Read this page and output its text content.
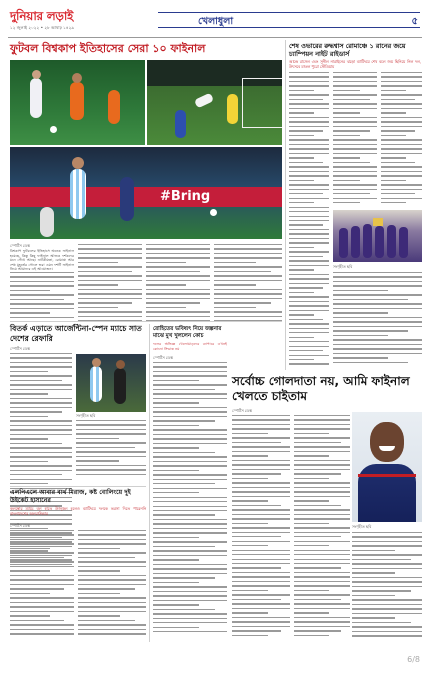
দুনিয়ার লড়াই
১২ জুলাই ২০২২ • ২৮ আষাঢ় ১৪২৯
খেলাধুলা	৫
ফুটবল বিশ্বকাপ ইতিহাসের সেরা ১০ ফাইনাল
#Bring
স্পোর্টস ডেস্ক
বিশ্বকাপ ফুটবলের ইতিহাসে অনেক ফাইনাল হয়েছে, কিন্তু কিছু ফাইনাল আজও দর্শকদের মনে গেঁথে আছে। নাটকীয়তা, রোমাঞ্চ আর শেষ মুহূর্তের গোলে ভরা এমন দশটি ফাইনাল নিয়ে আমাদের এই আয়োজন।
শেষ ওভারের রুদ্ধশ্বাস রোমাঞ্চে ১ রানের জয়ে চ্যাম্পিয়ন নাইট রাইডার্স
আন্দ্রে রাসেল এবং সুনীল নারাইনের ঝড়ো ব্যাটিংয়ে শেষ বলে জয় ছিনিয়ে নিল দল, উৎসবে মাতল পুরো স্টেডিয়াম
সংগৃহীত ছবি
বিতর্ক এড়াতে আর্জেন্টিনা-স্পেন ম্যাচে সাত দেশের রেফারি
স্পোর্টস ডেস্ক
সংগৃহীত ছবি
এলপিএলে আবার ব্যর্থ মিরাজ, কষ্ট বোলিংয়ে দুই উইকেট হাসানের
কলম্বোর ম্যাচে বল হাতে উজ্জ্বল হলেও ব্যাটিংয়ে দলকে ভরসা দিতে পারেননি বাংলাদেশের অলরাউন্ডার
স্পোর্টস ডেস্ক
রোহিতের ভবিষ্যৎ নিয়ে জল্পনার মাঝে মুখ খুললেন কোচ
দলের অভিজ্ঞ খেলোয়াড়দের ব্যাপারে এখনই কোনো সিদ্ধান্ত নয়
স্পোর্টস ডেস্ক
সর্বোচ্চ গোলদাতা নয়, আমি ফাইনাল খেলতে চাইতাম
স্পোর্টস ডেস্ক
সংগৃহীত ছবি
6/8
